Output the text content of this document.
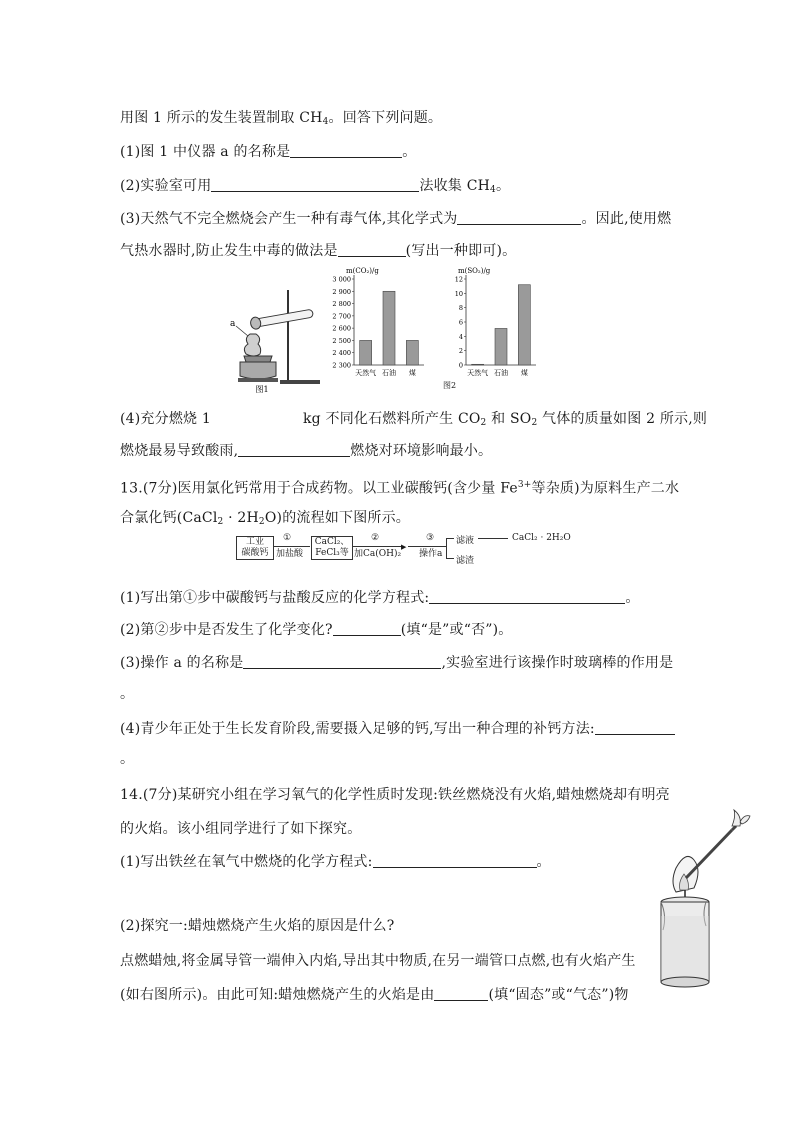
用图 1 所示的发生装置制取 $CH_4$。回答下列问题。
(1)图 1 中仪器 a 的名称是	。
(2)实验室可用	法收集 $CH_4$。
(3)天然气不完全燃烧会产生一种有毒气体,其化学式为	。因此,使用燃
气热水器时,防止发生中毒的做法是	(写出一种即可)。
a
图1
m(CO₂)/g
2 300
2 400
2 500
2 600
2 700
2 800
2 900
3 000
天然气 石油 煤
m(SO₂)/g
0
2
4
6
8
10
12
天然气 石油 煤
图2
(4)充分燃烧 1	kg 不同化石燃料所产生 $CO_2$ 和 $SO_2$ 气体的质量如图 2 所示,则
燃烧最易导致酸雨,	燃烧对环境影响最小。
13.(7分)医用氯化钙常用于合成药物。以工业碳酸钙(含少量 $Fe^{3+}$等杂质)为原料生产二水
合氯化钙(CaCl$_2$ · $2H_2O$)的流程如下图所示。
工业
碳酸钙
①
加盐酸
CaCl₂、
FeCl₃等
②
加Ca(OH)₂
▶
③
操作a
滤液	CaCl₂ · 2H₂O
滤渣
(1)写出第①步中碳酸钙与盐酸反应的化学方程式:	。
(2)第②步中是否发生了化学变化?	(填“是”或“否”)。
(3)操作 a 的名称是	,实验室进行该操作时玻璃棒的作用是
。
(4)青少年正处于生长发育阶段,需要摄入足够的钙,写出一种合理的补钙方法:
。
14.(7分)某研究小组在学习氧气的化学性质时发现:铁丝燃烧没有火焰,蜡烛燃烧却有明亮
的火焰。该小组同学进行了如下探究。
(1)写出铁丝在氧气中燃烧的化学方程式:	。
(2)探究一:蜡烛燃烧产生火焰的原因是什么?
点燃蜡烛,将金属导管一端伸入内焰,导出其中物质,在另一端管口点燃,也有火焰产生
(如右图所示)。由此可知:蜡烛燃烧产生的火焰是由	(填“固态”或“气态”)物
